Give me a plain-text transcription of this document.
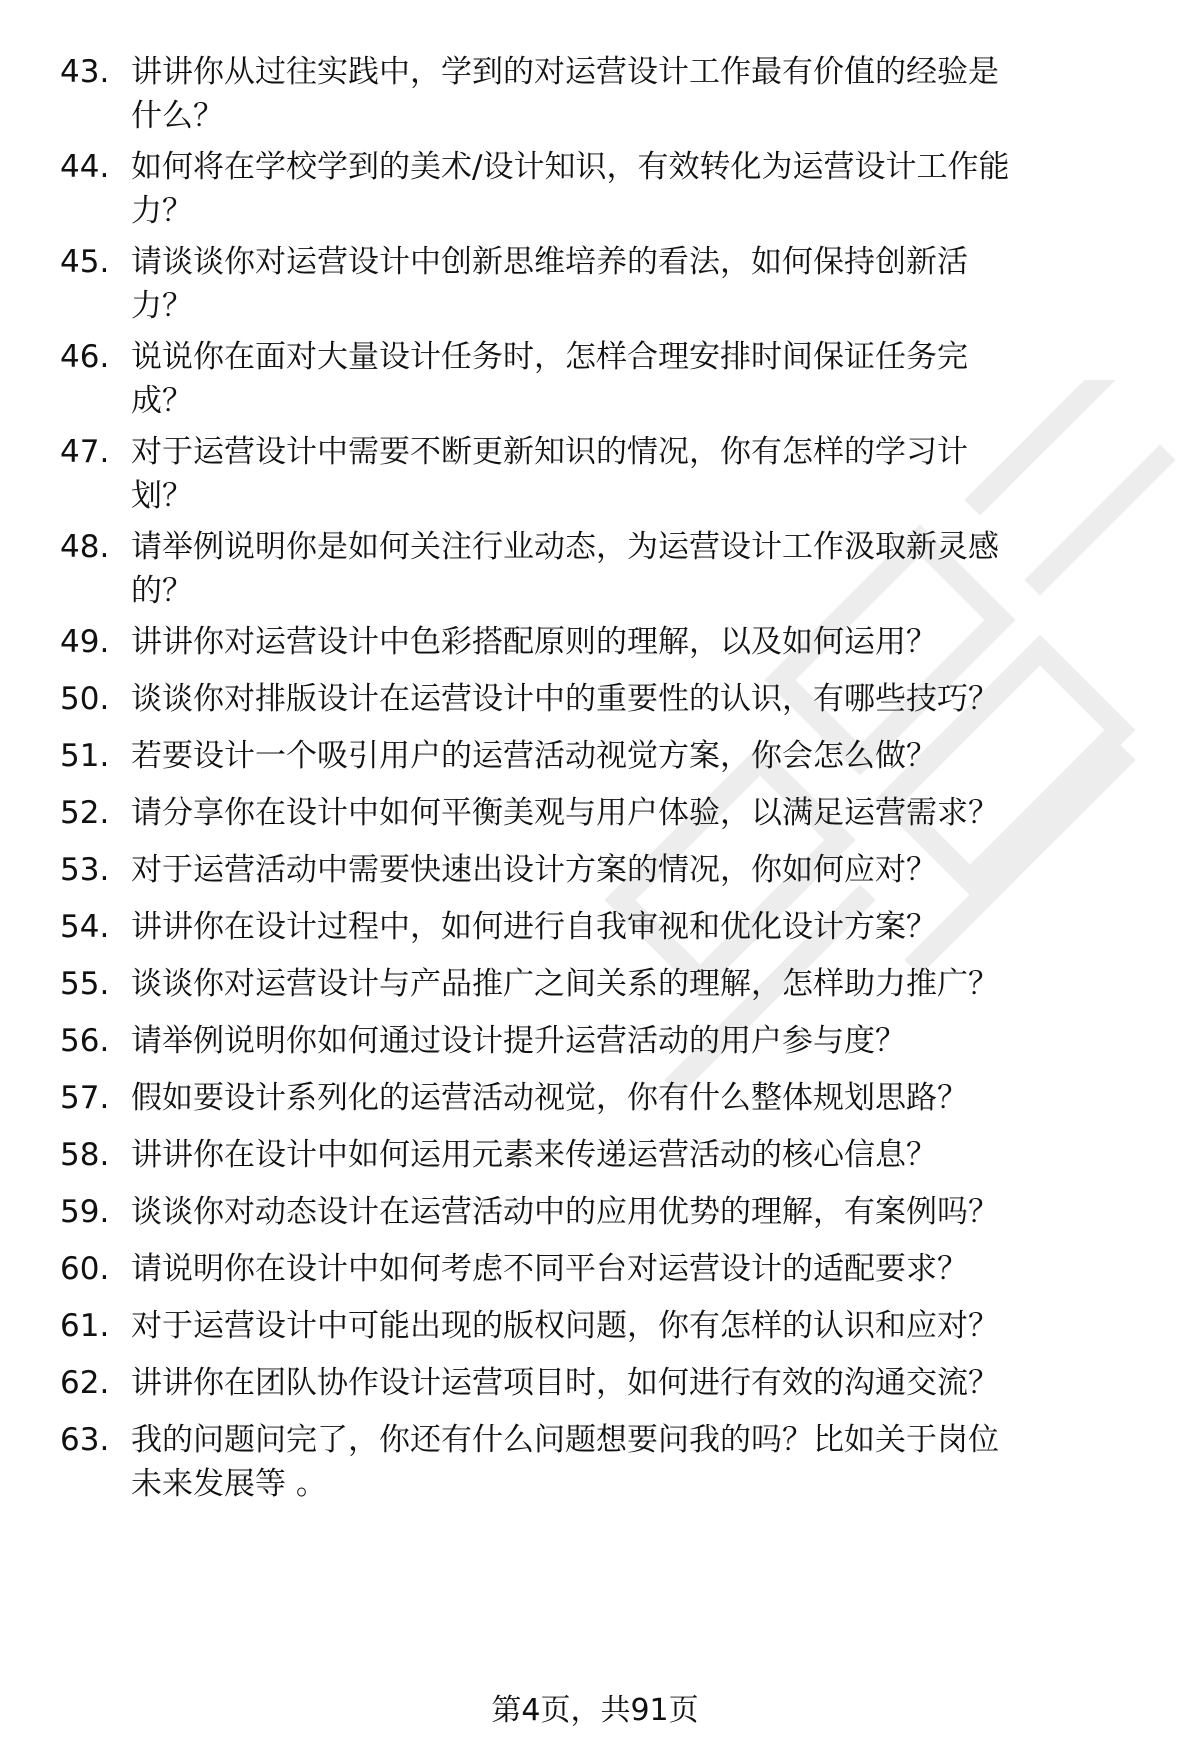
43. 讲讲你从过往实践中，学到的对运营设计工作最有价值的经验是
什么？
44. 如何将在学校学到的美术/设计知识，有效转化为运营设计工作能
力？
45. 请谈谈你对运营设计中创新思维培养的看法，如何保持创新活
力？
46. 说说你在面对大量设计任务时，怎样合理安排时间保证任务完
成？
47. 对于运营设计中需要不断更新知识的情况，你有怎样的学习计
划？
48. 请举例说明你是如何关注行业动态，为运营设计工作汲取新灵感
的？
49. 讲讲你对运营设计中色彩搭配原则的理解，以及如何运用？
50. 谈谈你对排版设计在运营设计中的重要性的认识，有哪些技巧？
51. 若要设计一个吸引用户的运营活动视觉方案，你会怎么做？
52. 请分享你在设计中如何平衡美观与用户体验，以满足运营需求？
53. 对于运营活动中需要快速出设计方案的情况，你如何应对？
54. 讲讲你在设计过程中，如何进行自我审视和优化设计方案？
55. 谈谈你对运营设计与产品推广之间关系的理解，怎样助力推广？
56. 请举例说明你如何通过设计提升运营活动的用户参与度？
57. 假如要设计系列化的运营活动视觉，你有什么整体规划思路？
58. 讲讲你在设计中如何运用元素来传递运营活动的核心信息？
59. 谈谈你对动态设计在运营活动中的应用优势的理解，有案例吗？
60. 请说明你在设计中如何考虑不同平台对运营设计的适配要求？
61. 对于运营设计中可能出现的版权问题，你有怎样的认识和应对？
62. 讲讲你在团队协作设计运营项目时，如何进行有效的沟通交流？
63. 我的问题问完了，你还有什么问题想要问我的吗？比如关于岗位
未来发展等 。
第4页，共91页
